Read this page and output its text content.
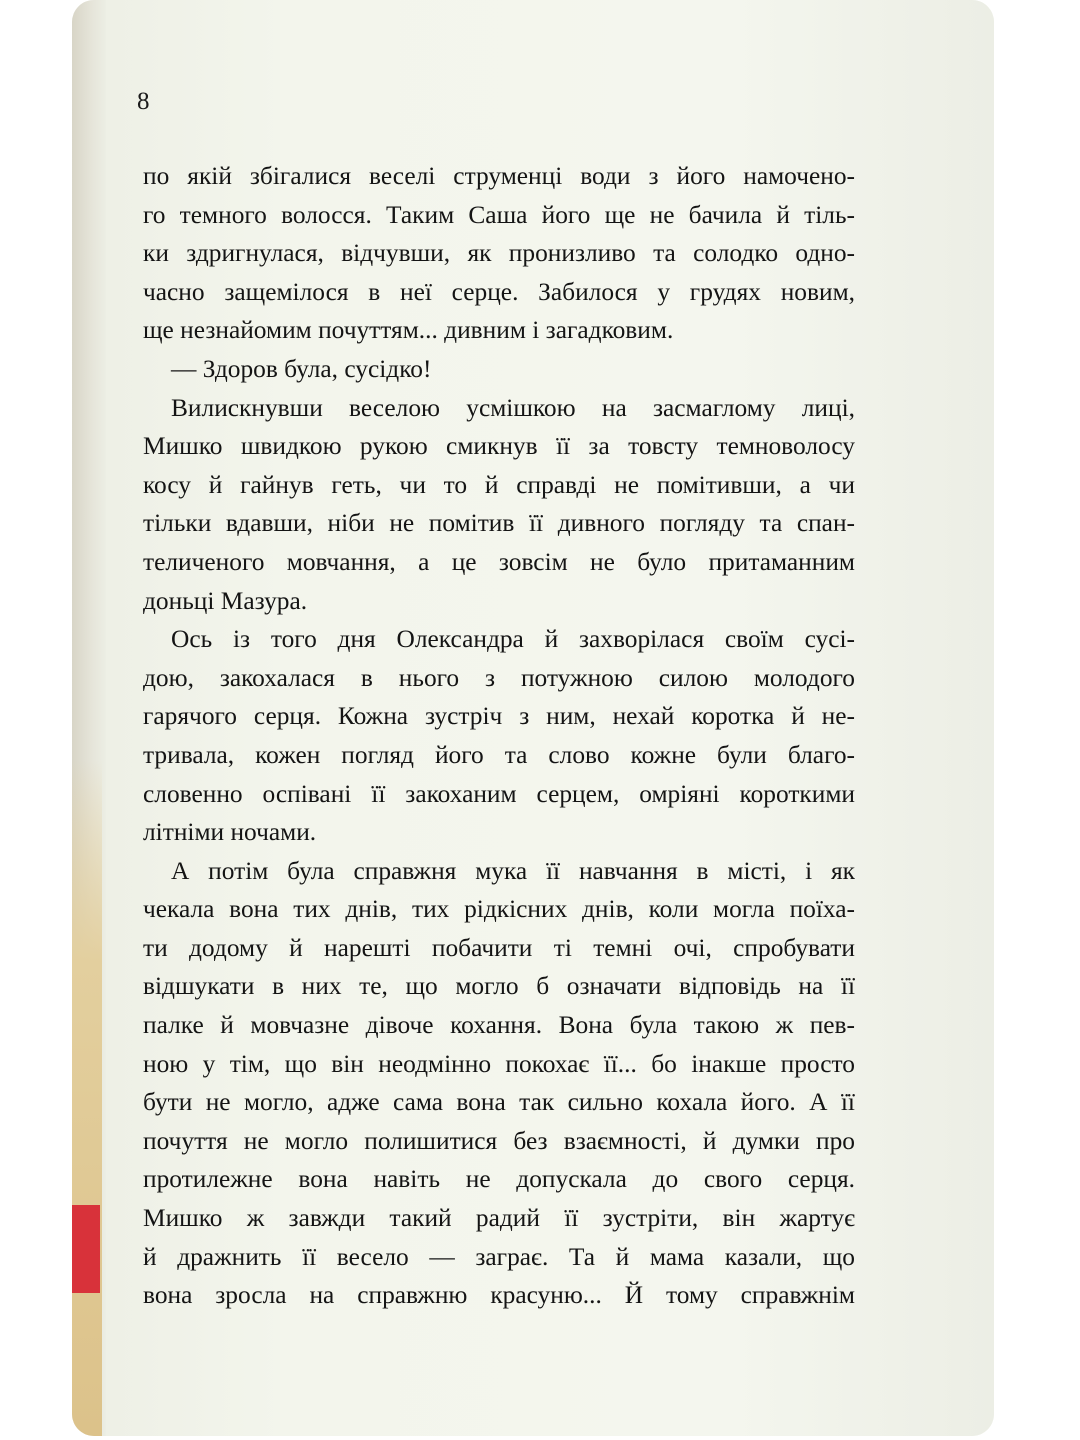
8
по якій збігалися веселі струменці води з його намочено-
го темного волосся. Таким Саша його ще не бачила й тіль-
ки здригнулася, відчувши, як пронизливо та солодко одно-
часно защемілося в неї серце. Забилося у грудях новим,
ще незнайомим почуттям... дивним і загадковим.
— Здоров була, сусідко!
Вилискнувши веселою усмішкою на засмаглому лиці,
Мишко швидкою рукою смикнув її за товсту темноволосу
косу й гайнув геть, чи то й справді не помітивши, а чи
тільки вдавши, ніби не помітив її дивного погляду та спан-
теличеного мовчання, а це зовсім не було притаманним
доньці Мазура.
Ось із того дня Олександра й захворілася своїм сусі-
дою, закохалася в нього з потужною силою молодого
гарячого серця. Кожна зустріч з ним, нехай коротка й не-
тривала, кожен погляд його та слово кожне були благо-
словенно оспівані її закоханим серцем, омріяні короткими
літніми ночами.
А потім була справжня мука її навчання в місті, і як
чекала вона тих днів, тих рідкісних днів, коли могла поїха-
ти додому й нарешті побачити ті темні очі, спробувати
відшукати в них те, що могло б означати відповідь на її
палке й мовчазне дівоче кохання. Вона була такою ж пев-
ною у тім, що він неодмінно покохає її... бо інакше просто
бути не могло, адже сама вона так сильно кохала його. А її
почуття не могло полишитися без взаємності, й думки про
протилежне вона навіть не допускала до свого серця.
Мишко ж завжди такий радий її зустріти, він жартує
й дражнить її весело — заграє. Та й мама казали, що
вона зросла на справжню красуню... Й тому справжнім
